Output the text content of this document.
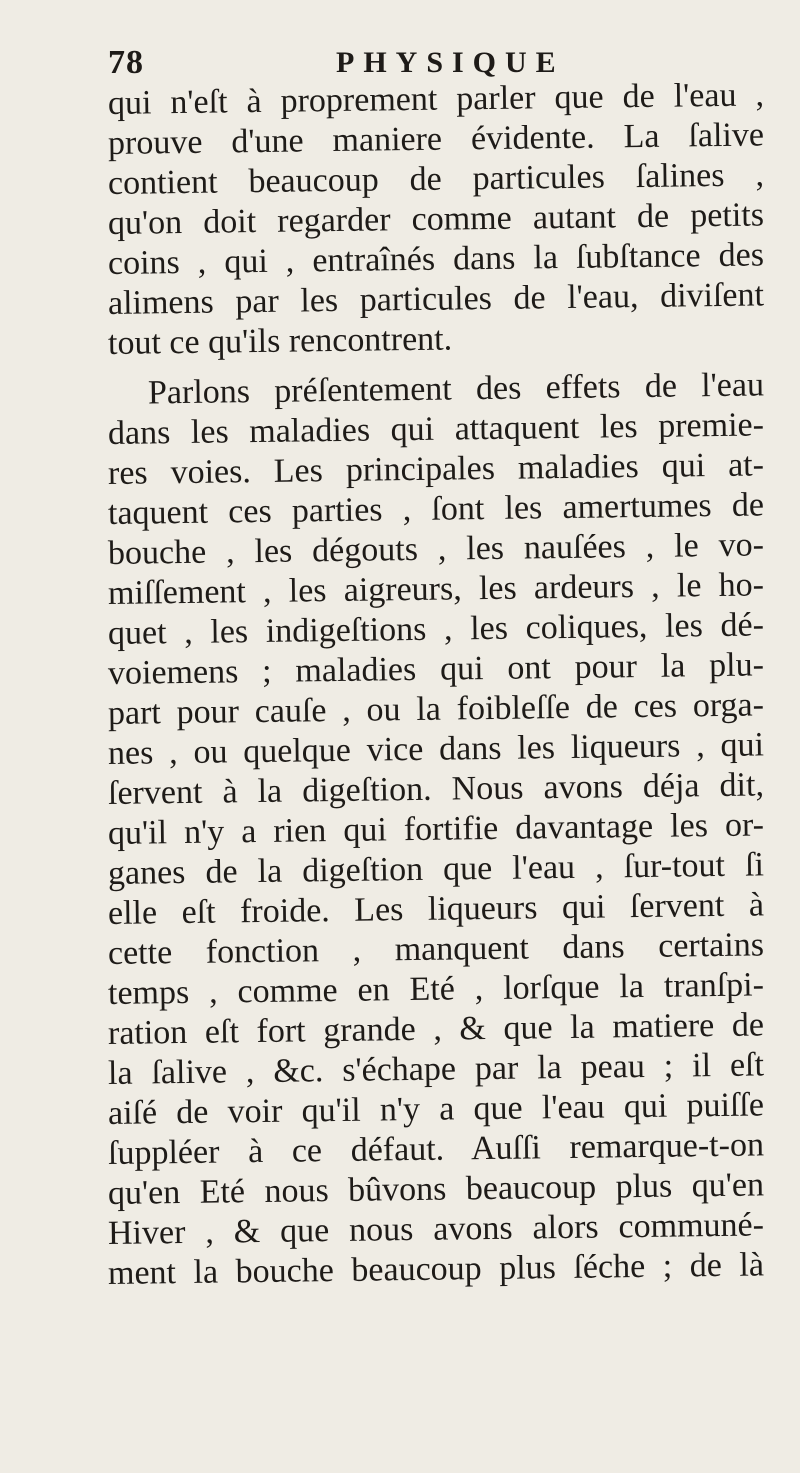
78	PHYSIQUE
qui n'eſt à proprement parler que de l'eau ,
prouve d'une maniere évidente. La ſalive
contient beaucoup de particules ſalines ,
qu'on doit regarder comme autant de petits
coins , qui , entraînés dans la ſubſtance des
alimens par les particules de l'eau, diviſent
tout ce qu'ils rencontrent.
Parlons préſentement des effets de l'eau
dans les maladies qui attaquent les premie-
res voies. Les principales maladies qui at-
taquent ces parties , ſont les amertumes de
bouche , les dégouts , les nauſées , le vo-
miſſement , les aigreurs, les ardeurs , le ho-
quet , les indigeſtions , les coliques, les dé-
voiemens ; maladies qui ont pour la plu-
part pour cauſe , ou la foibleſſe de ces orga-
nes , ou quelque vice dans les liqueurs , qui
ſervent à la digeſtion. Nous avons déja dit,
qu'il n'y a rien qui fortifie davantage les or-
ganes de la digeſtion que l'eau , ſur-tout ſi
elle eſt froide. Les liqueurs qui ſervent à
cette fonction , manquent dans certains
temps , comme en Eté , lorſque la tranſpi-
ration eſt fort grande , & que la matiere de
la ſalive , &c. s'échape par la peau ; il eſt
aiſé de voir qu'il n'y a que l'eau qui puiſſe
ſuppléer à ce défaut. Auſſi remarque-t-on
qu'en Eté nous bûvons beaucoup plus qu'en
Hiver , & que nous avons alors communé-
ment la bouche beaucoup plus ſéche ; de là
